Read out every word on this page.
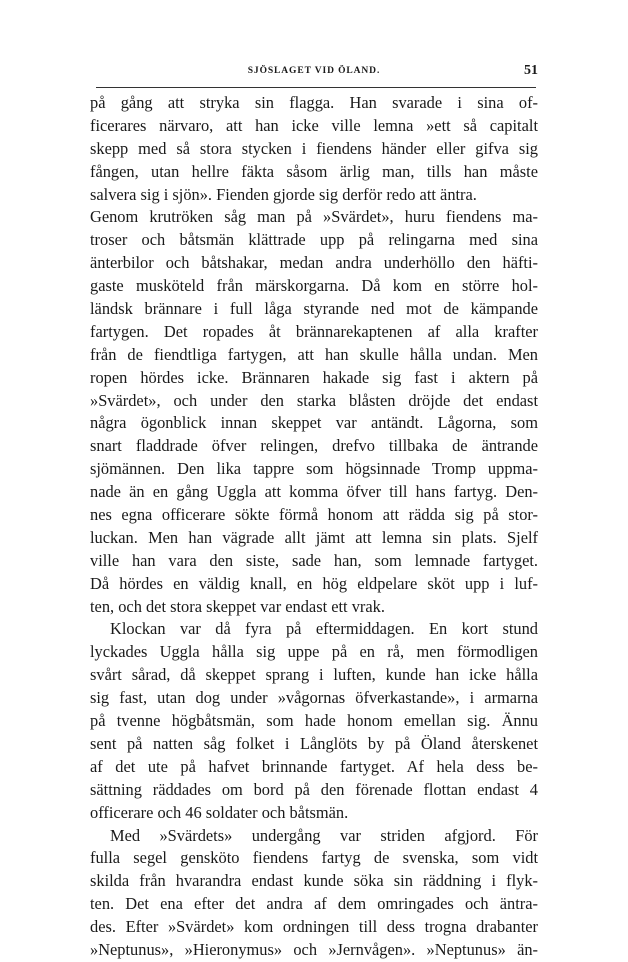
SJÖSLAGET VID ÖLAND.	51
på gång att stryka sin flagga. Han svarade i sina of-
ficerares närvaro, att han icke ville lemna »ett så capitalt
skepp med så stora stycken i fiendens händer eller gifva sig
fången, utan hellre fäkta såsom ärlig man, tills han måste
salvera sig i sjön». Fienden gjorde sig derför redo att äntra.
Genom krutröken såg man på »Svärdet», huru fiendens ma-
troser och båtsmän klättrade upp på relingarna med sina
änterbilor och båtshakar, medan andra underhöllo den häfti-
gaste musköteld från märskorgarna. Då kom en större hol-
ländsk brännare i full låga styrande ned mot de kämpande
fartygen. Det ropades åt brännarekaptenen af alla krafter
från de fiendtliga fartygen, att han skulle hålla undan. Men
ropen hördes icke. Brännaren hakade sig fast i aktern på
»Svärdet», och under den starka blåsten dröjde det endast
några ögonblick innan skeppet var antändt. Lågorna, som
snart fladdrade öfver relingen, drefvo tillbaka de äntrande
sjömännen. Den lika tappre som högsinnade Tromp uppma-
nade än en gång Uggla att komma öfver till hans fartyg. Den-
nes egna officerare sökte förmå honom att rädda sig på stor-
luckan. Men han vägrade allt jämt att lemna sin plats. Sjelf
ville han vara den siste, sade han, som lemnade fartyget.
Då hördes en väldig knall, en hög eldpelare sköt upp i luf-
ten, och det stora skeppet var endast ett vrak.
Klockan var då fyra på eftermiddagen. En kort stund
lyckades Uggla hålla sig uppe på en rå, men förmodligen
svårt sårad, då skeppet sprang i luften, kunde han icke hålla
sig fast, utan dog under »vågornas öfverkastande», i armarna
på tvenne högbåtsmän, som hade honom emellan sig. Ännu
sent på natten såg folket i Långlöts by på Öland återskenet
af det ute på hafvet brinnande fartyget. Af hela dess be-
sättning räddades om bord på den förenade flottan endast 4
officerare och 46 soldater och båtsmän.
Med »Svärdets» undergång var striden afgjord. För
fulla segel gensköto fiendens fartyg de svenska, som vidt
skilda från hvarandra endast kunde söka sin räddning i flyk-
ten. Det ena efter det andra af dem omringades och äntra-
des. Efter »Svärdet» kom ordningen till dess trogna drabanter
»Neptunus», »Hieronymus» och »Jernvågen». »Neptunus» än-
